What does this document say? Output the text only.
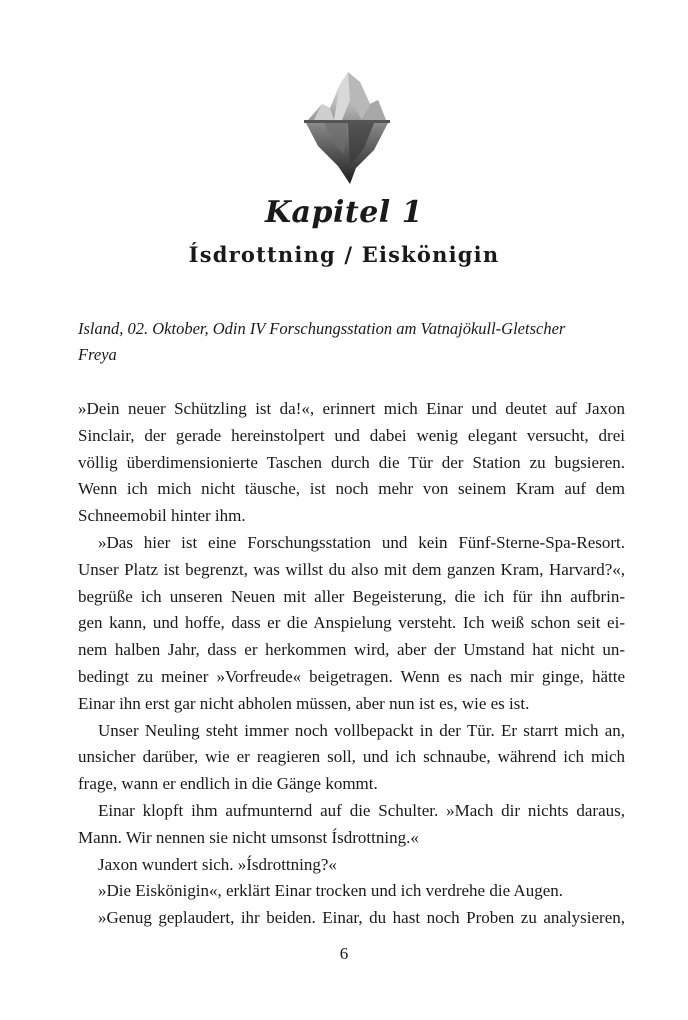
Kapitel 1
Ísdrottning / Eiskönigin
Island, 02. Oktober, Odin IV Forschungsstation am Vatnajökull-Gletscher
Freya
»Dein neuer Schützling ist da!«, erinnert mich Einar und deutet auf Jaxon
Sinclair, der gerade hereinstolpert und dabei wenig elegant versucht, drei
völlig überdimensionierte Taschen durch die Tür der Station zu bugsieren.
Wenn ich mich nicht täusche, ist noch mehr von seinem Kram auf dem
Schneemobil hinter ihm.
»Das hier ist eine Forschungsstation und kein Fünf-Sterne-Spa-Resort.
Unser Platz ist begrenzt, was willst du also mit dem ganzen Kram, Harvard?«,
begrüße ich unseren Neuen mit aller Begeisterung, die ich für ihn aufbrin-
gen kann, und hoffe, dass er die Anspielung versteht. Ich weiß schon seit ei-
nem halben Jahr, dass er herkommen wird, aber der Umstand hat nicht un-
bedingt zu meiner »Vorfreude« beigetragen. Wenn es nach mir ginge, hätte
Einar ihn erst gar nicht abholen müssen, aber nun ist es, wie es ist.
Unser Neuling steht immer noch vollbepackt in der Tür. Er starrt mich an,
unsicher darüber, wie er reagieren soll, und ich schnaube, während ich mich
frage, wann er endlich in die Gänge kommt.
Einar klopft ihm aufmunternd auf die Schulter. »Mach dir nichts daraus,
Mann. Wir nennen sie nicht umsonst Ísdrottning.«
Jaxon wundert sich. »Ísdrottning?«
»Die Eiskönigin«, erklärt Einar trocken und ich verdrehe die Augen.
»Genug geplaudert, ihr beiden. Einar, du hast noch Proben zu analysieren,
6
